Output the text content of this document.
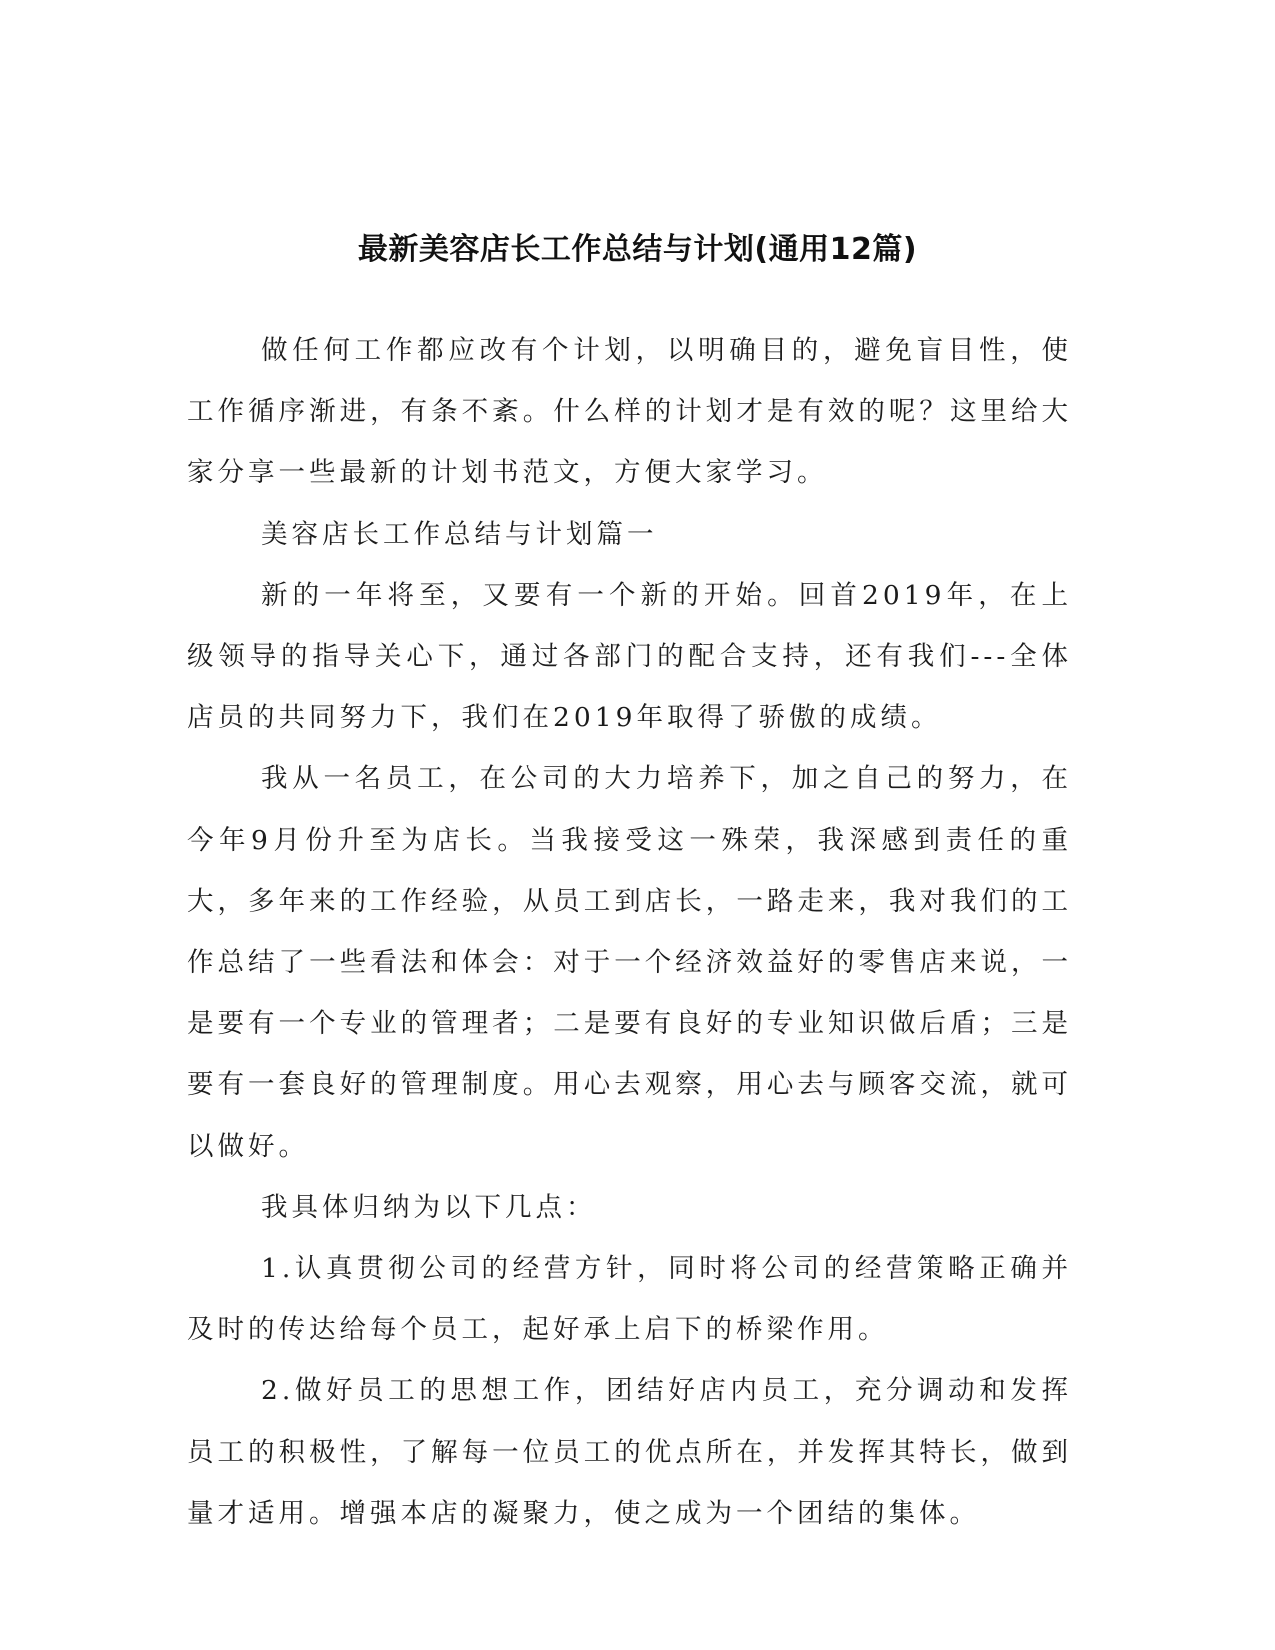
最新美容店长工作总结与计划(通用12篇)

做任何工作都应改有个计划，以明确目的，避免盲目性，使工作循序渐进，有条不紊。什么样的计划才是有效的呢？这里给大家分享一些最新的计划书范文，方便大家学习。

美容店长工作总结与计划篇一

新的一年将至，又要有一个新的开始。回首2019年，在上级领导的指导关心下，通过各部门的配合支持，还有我们---全体店员的共同努力下，我们在2019年取得了骄傲的成绩。

我从一名员工，在公司的大力培养下，加之自己的努力，在今年9月份升至为店长。当我接受这一殊荣，我深感到责任的重大，多年来的工作经验，从员工到店长，一路走来，我对我们的工作总结了一些看法和体会：对于一个经济效益好的零售店来说，一是要有一个专业的管理者；二是要有良好的专业知识做后盾；三是要有一套良好的管理制度。用心去观察，用心去与顾客交流，就可以做好。

我具体归纳为以下几点：

1.认真贯彻公司的经营方针，同时将公司的经营策略正确并及时的传达给每个员工，起好承上启下的桥梁作用。

2.做好员工的思想工作，团结好店内员工，充分调动和发挥员工的积极性，了解每一位员工的优点所在，并发挥其特长，做到量才适用。增强本店的凝聚力，使之成为一个团结的集体。
